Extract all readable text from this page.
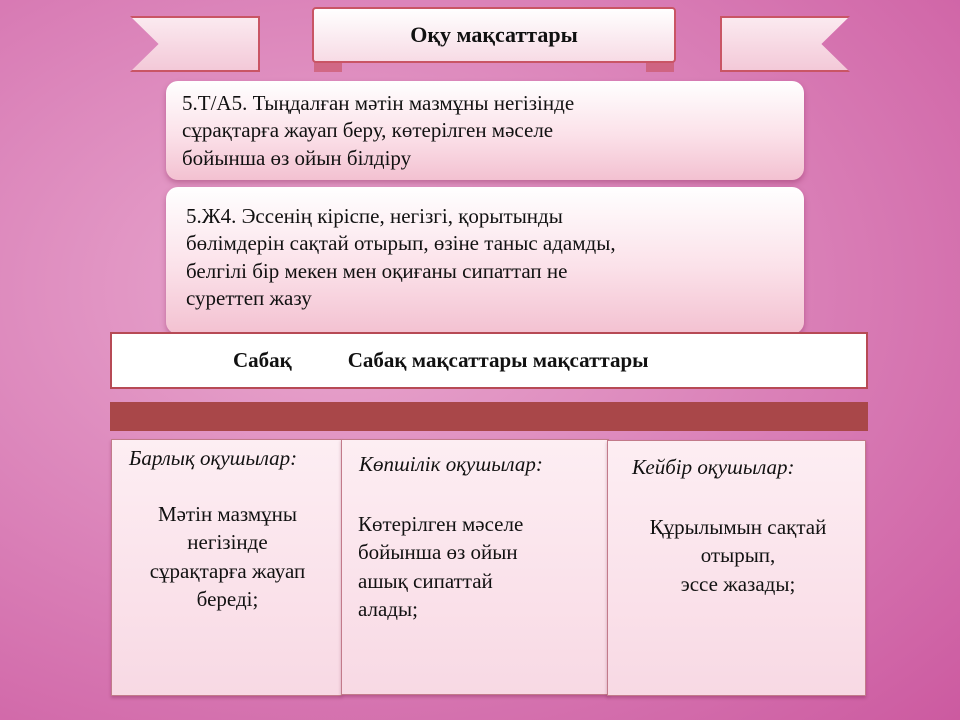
Оқу мақсаттары
5.Т/А5. Тыңдалған мәтін мазмұны негізінде
сұрақтарға жауап беру, көтерілген мәселе
бойынша өз ойын білдіру
5.Ж4. Эссенің кіріспе, негізгі, қорытынды
бөлімдерін сақтай отырып, өзіне таныс адамды,
белгілі бір мекен мен оқиғаны сипаттап не
суреттеп жазу
Сабақ	Сабақ мақсаттары мақсаттары
Барлық оқушылар:
Мәтін мазмұны
негізінде
сұрақтарға жауап
береді;
Көпшілік оқушылар:
Көтерілген мәселе
бойынша өз ойын
ашық сипаттай
алады;
Кейбір оқушылар:
Құрылымын сақтай
отырып,
эссе жазады;
